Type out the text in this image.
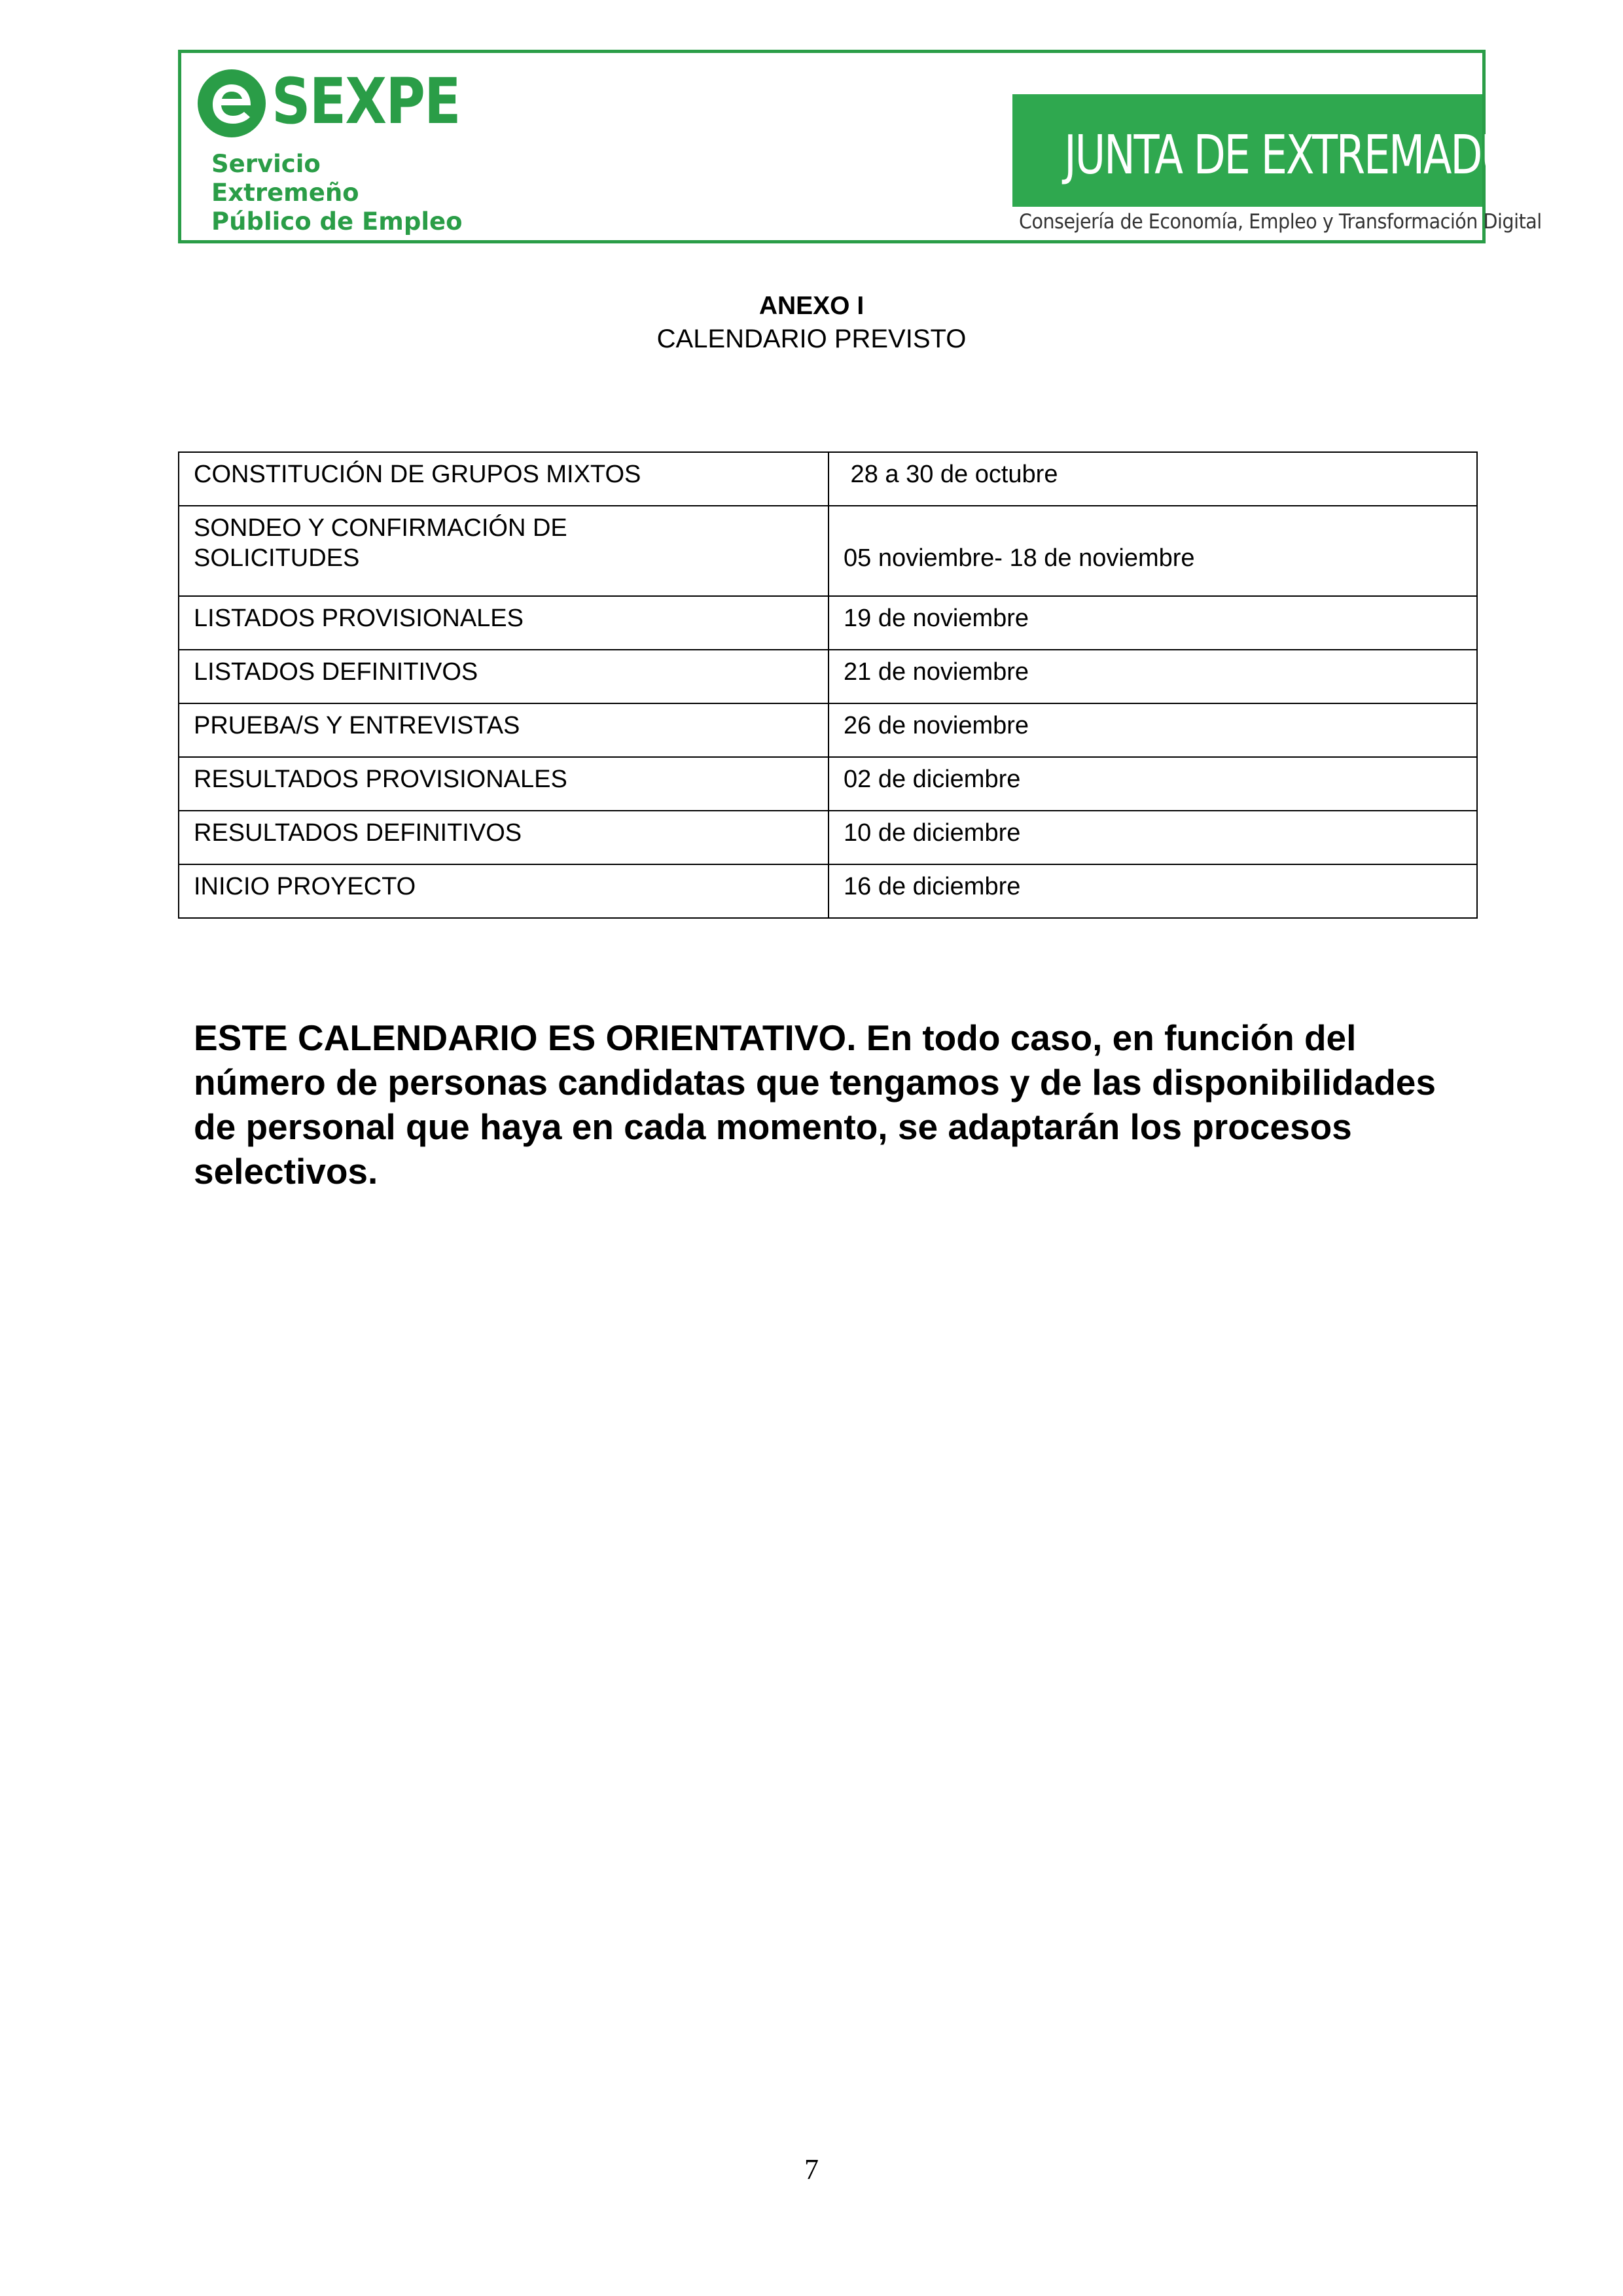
SEXPE
Servicio Extremeño
Público de Empleo
JUNTA DE EXTREMADURA
Consejería de Economía, Empleo y Transformación Digital
ANEXO I
CALENDARIO PREVISTO
CONSTITUCIÓN DE GRUPOS MIXTOS	28 a 30 de octubre
SONDEO Y CONFIRMACIÓN DE SOLICITUDES	05 noviembre- 18 de noviembre
LISTADOS PROVISIONALES	19 de noviembre
LISTADOS DEFINITIVOS	21 de noviembre
PRUEBA/S Y ENTREVISTAS	26 de noviembre
RESULTADOS PROVISIONALES	02 de diciembre
RESULTADOS DEFINITIVOS	10 de diciembre
INICIO PROYECTO	16 de diciembre
ESTE CALENDARIO ES ORIENTATIVO. En todo caso, en función del número de personas candidatas que tengamos y de las disponibilidades de personal que haya en cada momento, se adaptarán los procesos selectivos.
7
